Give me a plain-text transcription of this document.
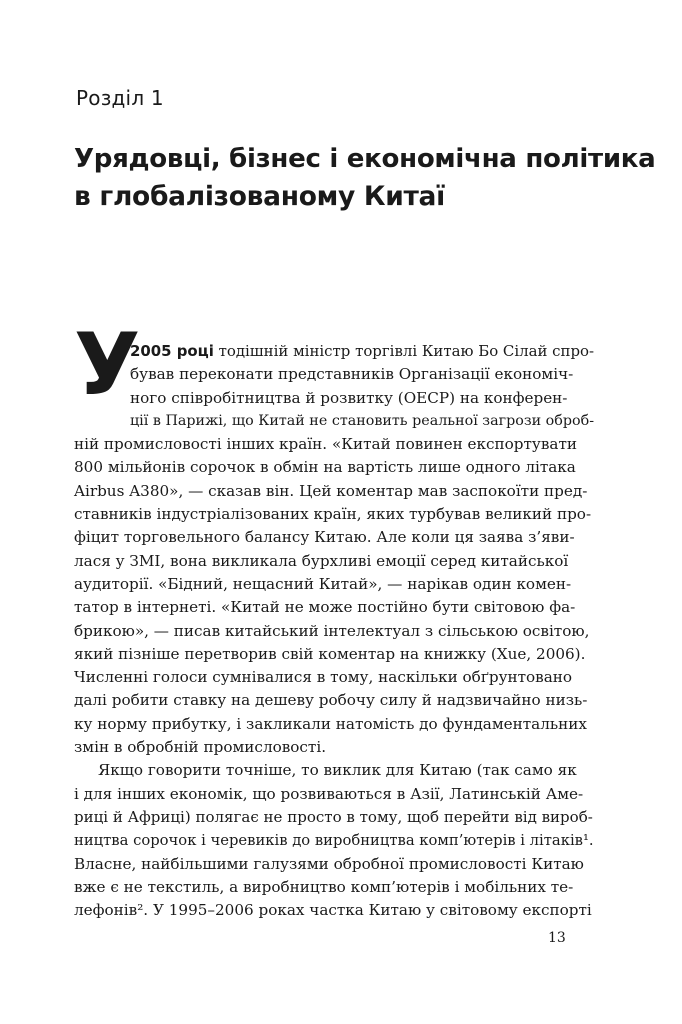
Розділ 1
Урядовці, бізнес і економічна політика
в глобалізованому Китаї
У
2005 році тодішній міністр торгівлі Китаю Бо Сілай спро-
бував переконати представників Організації економіч-
ного співробітництва й розвитку (OECP) на конферен-
ції в Парижі, що Китай не становить реальної загрози оброб-
ній промисловості інших країн. «Китай повинен експортувати
800 мільйонів сорочок в обмін на вартість лише одного літака
Airbus A380», — сказав він. Цей коментар мав заспокоїти пред-
ставників індустріалізованих країн, яких турбував великий про-
фіцит торговельного балансу Китаю. Але коли ця заява з’яви-
лася у ЗМІ, вона викликала бурхливі емоції серед китайської
аудиторії. «Бідний, нещасний Китай», — нарікав один комен-
татор в інтернеті. «Китай не може постійно бути світовою фа-
брикою», — писав китайський інтелектуал з сільською освітою,
який пізніше перетворив свій коментар на книжку (Xue, 2006).
Численні голоси сумнівалися в тому, наскільки обґрунтовано
далі робити ставку на дешеву робочу силу й надзвичайно низь-
ку норму прибутку, і закликали натомість до фундаментальних
змін в обробній промисловості.
Якщо говорити точніше, то виклик для Китаю (так само як
і для інших економік, що розвиваються в Азії, Латинській Аме-
риці й Африці) полягає не просто в тому, щоб перейти від вироб-
ництва сорочок і черевиків до виробництва комп’ютерів і літаків¹.
Власне, найбільшими галузями обробної промисловості Китаю
вже є не текстиль, а виробництво комп’ютерів і мобільних те-
лефонів². У 1995–2006 роках частка Китаю у світовому експорті
13
